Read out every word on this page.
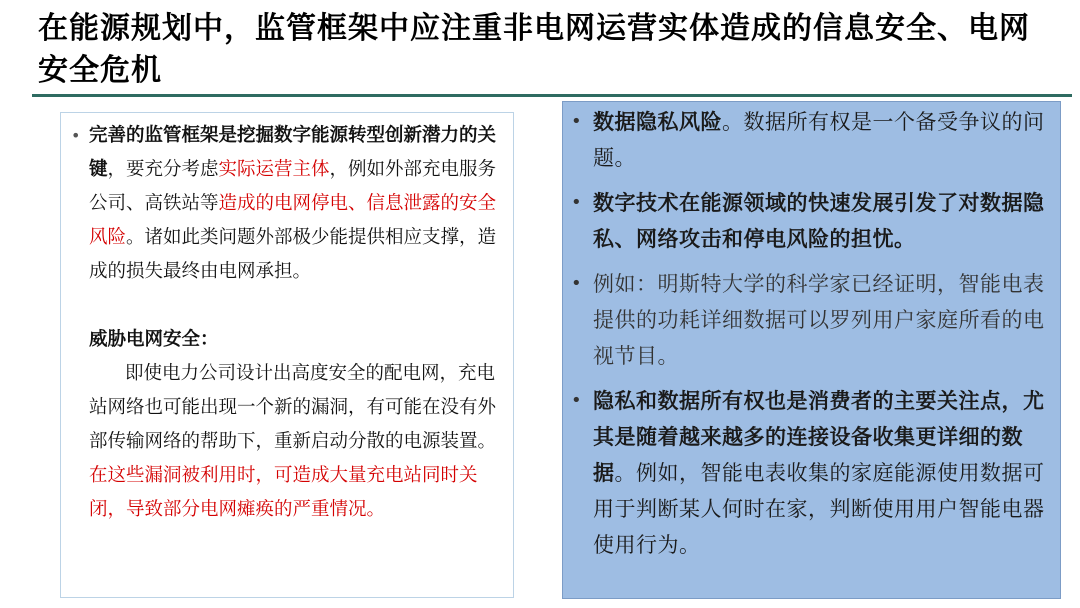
在能源规划中，监管框架中应注重非电网运营实体造成的信息安全、电网安全危机
• 完善的监管框架是挖掘数字能源转型创新潜力的关键，要充分考虑实际运营主体，例如外部充电服务公司、高铁站等造成的电网停电、信息泄露的安全风险。诸如此类问题外部极少能提供相应支撑，造成的损失最终由电网承担。
威胁电网安全：
即使电力公司设计出高度安全的配电网，充电站网络也可能出现一个新的漏洞，有可能在没有外部传输网络的帮助下，重新启动分散的电源装置。在这些漏洞被利用时，可造成大量充电站同时关闭，导致部分电网瘫痪的严重情况。
• 数据隐私风险。数据所有权是一个备受争议的问题。
• 数字技术在能源领域的快速发展引发了对数据隐私、网络攻击和停电风险的担忧。
• 例如：明斯特大学的科学家已经证明，智能电表提供的功耗详细数据可以罗列用户家庭所看的电视节目。
• 隐私和数据所有权也是消费者的主要关注点，尤其是随着越来越多的连接设备收集更详细的数据。例如，智能电表收集的家庭能源使用数据可用于判断某人何时在家，判断使用用户智能电器使用行为。
